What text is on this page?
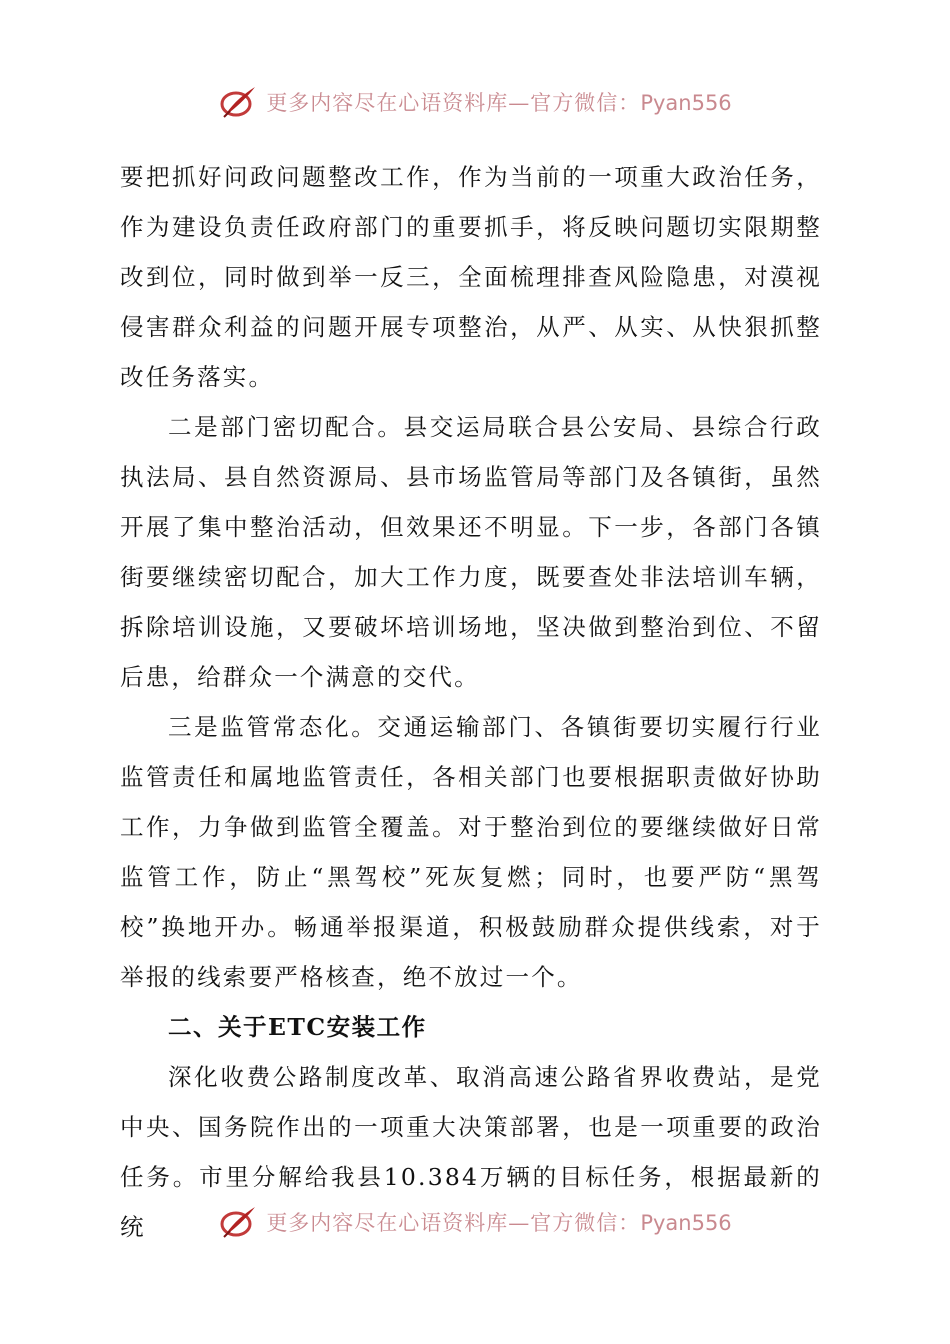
更多内容尽在心语资料库—官方微信：Pyan556

要把抓好问政问题整改工作，作为当前的一项重大政治任务，作为建设负责任政府部门的重要抓手，将反映问题切实限期整改到位，同时做到举一反三，全面梳理排查风险隐患，对漠视侵害群众利益的问题开展专项整治，从严、从实、从快狠抓整改任务落实。

二是部门密切配合。县交运局联合县公安局、县综合行政执法局、县自然资源局、县市场监管局等部门及各镇街，虽然开展了集中整治活动，但效果还不明显。下一步，各部门各镇街要继续密切配合，加大工作力度，既要查处非法培训车辆，拆除培训设施，又要破坏培训场地，坚决做到整治到位、不留后患，给群众一个满意的交代。

三是监管常态化。交通运输部门、各镇街要切实履行行业监管责任和属地监管责任，各相关部门也要根据职责做好协助工作，力争做到监管全覆盖。对于整治到位的要继续做好日常监管工作，防止“黑驾校”死灰复燃；同时，也要严防“黑驾校”换地开办。畅通举报渠道，积极鼓励群众提供线索，对于举报的线索要严格核查，绝不放过一个。

二、关于ETC安装工作

深化收费公路制度改革、取消高速公路省界收费站，是党中央、国务院作出的一项重大决策部署，也是一项重要的政治任务。市里分解给我县10.384万辆的目标任务，根据最新的统	更多内容尽在心语资料库—官方微信：Pyan556
